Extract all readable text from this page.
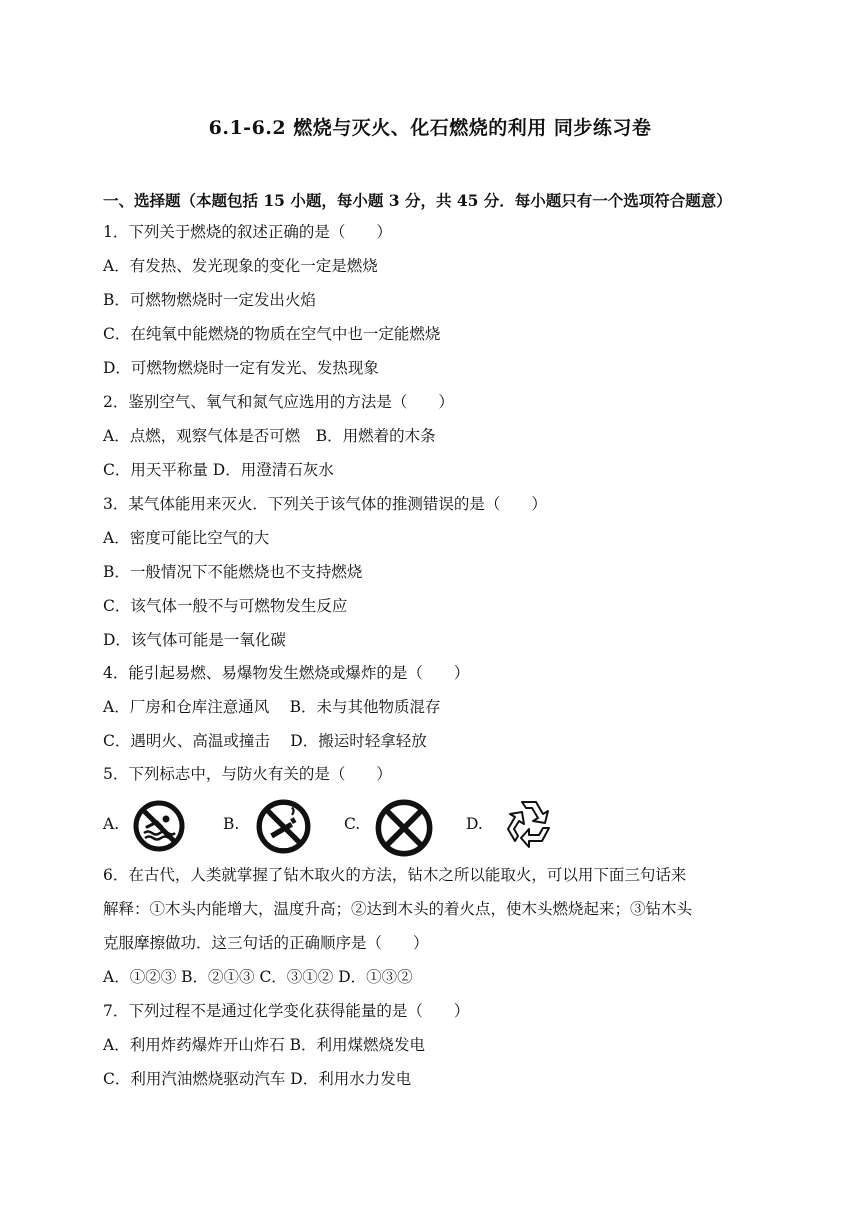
6.1-6.2 燃烧与灭火、化石燃烧的利用 同步练习卷
一、选择题（本题包括 15 小题，每小题 3 分，共 45 分．每小题只有一个选项符合题意）
1．下列关于燃烧的叙述正确的是（　　）
A．有发热、发光现象的变化一定是燃烧
B．可燃物燃烧时一定发出火焰
C．在纯氧中能燃烧的物质在空气中也一定能燃烧
D．可燃物燃烧时一定有发光、发热现象
2．鉴别空气、氧气和氮气应选用的方法是（　　）
A．点燃，观察气体是否可燃　B．用燃着的木条
C．用天平称量 D．用澄清石灰水
3．某气体能用来灭火．下列关于该气体的推测错误的是（　　）
A．密度可能比空气的大
B．一般情况下不能燃烧也不支持燃烧
C．该气体一般不与可燃物发生反应
D．该气体可能是一氧化碳
4．能引起易燃、易爆物发生燃烧或爆炸的是（　　）
A．厂房和仓库注意通风　 B．未与其他物质混存
C．遇明火、高温或撞击　 D．搬运时轻拿轻放
5．下列标志中，与防火有关的是（　　）
A.	B.	C.	D.
6．在古代，人类就掌握了钻木取火的方法，钻木之所以能取火，可以用下面三句话来
解释：①木头内能增大，温度升高；②达到木头的着火点，使木头燃烧起来；③钻木头
克服摩擦做功．这三句话的正确顺序是（　　）
A．①②③ B．②①③ C．③①② D．①③②
7．下列过程不是通过化学变化获得能量的是（　　）
A．利用炸药爆炸开山炸石 B．利用煤燃烧发电
C．利用汽油燃烧驱动汽车 D．利用水力发电
